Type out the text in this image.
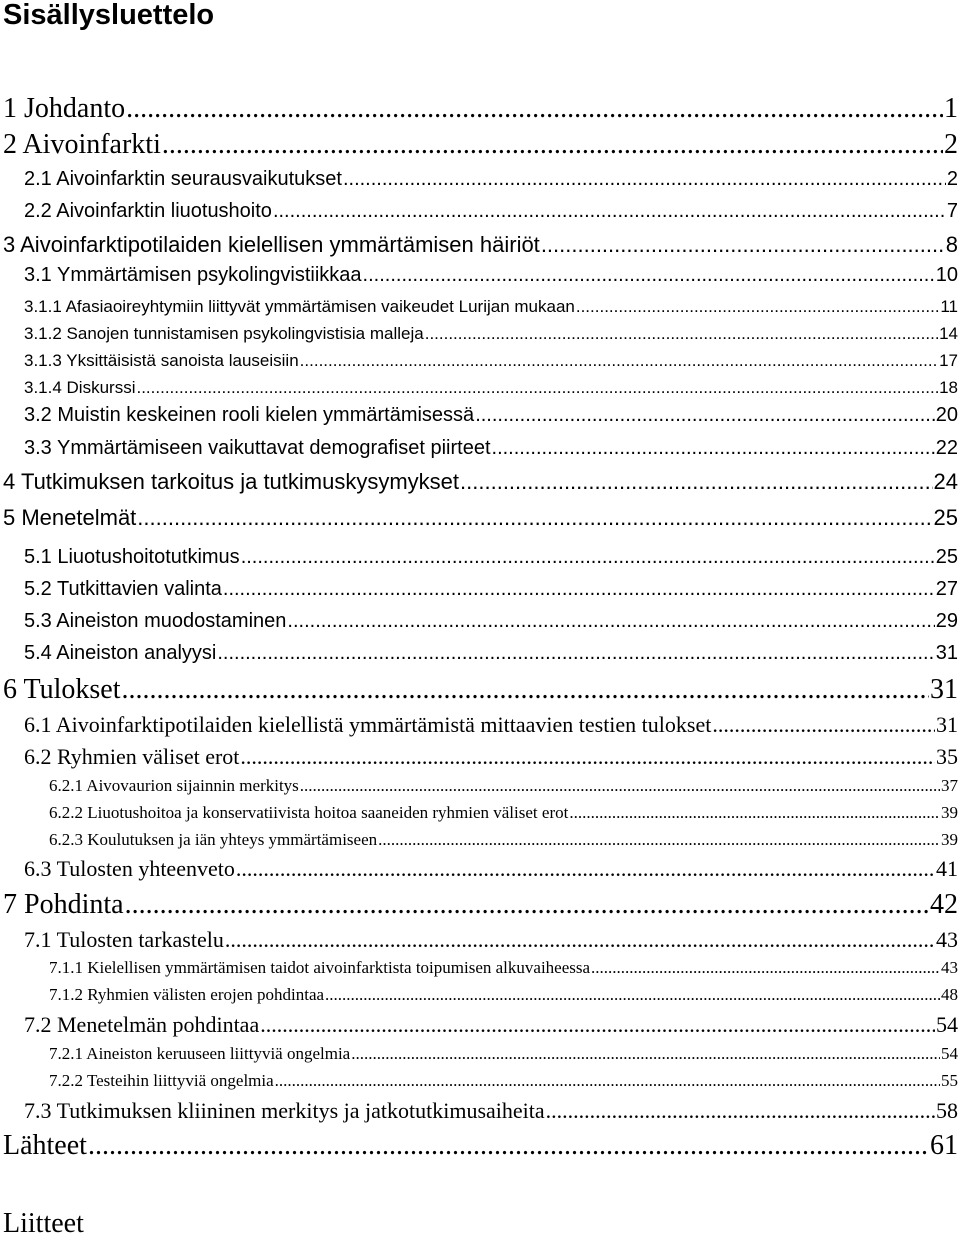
Sisällysluettelo
1 Johdanto .....	1
2 Aivoinfarkti .....	2
2.1 Aivoinfarktin seurausvaikutukset .....	2
2.2 Aivoinfarktin liuotushoito .....	7
3 Aivoinfarktipotilaiden kielellisen ymmärtämisen häiriöt .....	8
3.1 Ymmärtämisen psykolingvistiikkaa .....	10
3.1.1 Afasiaoireyhtymiin liittyvät ymmärtämisen vaikeudet Lurijan mukaan .....	11
3.1.2 Sanojen tunnistamisen psykolingvistisia malleja .....	14
3.1.3 Yksittäisistä sanoista lauseisiin .....	17
3.1.4 Diskurssi .....	18
3.2 Muistin keskeinen rooli kielen ymmärtämisessä .....	20
3.3 Ymmärtämiseen vaikuttavat demografiset piirteet .....	22
4 Tutkimuksen tarkoitus ja tutkimuskysymykset .....	24
5 Menetelmät .....	25
5.1 Liuotushoitotutkimus .....	25
5.2 Tutkittavien valinta .....	27
5.3 Aineiston muodostaminen .....	29
5.4 Aineiston analyysi .....	31
6 Tulokset .....	31
6.1 Aivoinfarktipotilaiden kielellistä ymmärtämistä mittaavien testien tulokset .....	31
6.2 Ryhmien väliset erot .....	35
6.2.1 Aivovaurion sijainnin merkitys .....	37
6.2.2 Liuotushoitoa ja konservatiivista hoitoa saaneiden ryhmien väliset erot .....	39
6.2.3 Koulutuksen ja iän yhteys ymmärtämiseen .....	39
6.3 Tulosten yhteenveto .....	41
7 Pohdinta .....	42
7.1 Tulosten tarkastelu .....	43
7.1.1 Kielellisen ymmärtämisen taidot aivoinfarktista toipumisen alkuvaiheessa .....	43
7.1.2 Ryhmien välisten erojen pohdintaa .....	48
7.2 Menetelmän pohdintaa .....	54
7.2.1 Aineiston keruuseen liittyviä ongelmia .....	54
7.2.2 Testeihin liittyviä ongelmia .....	55
7.3 Tutkimuksen kliininen merkitys ja jatkotutkimusaiheita .....	58
Lähteet .....	61
Liitteet
